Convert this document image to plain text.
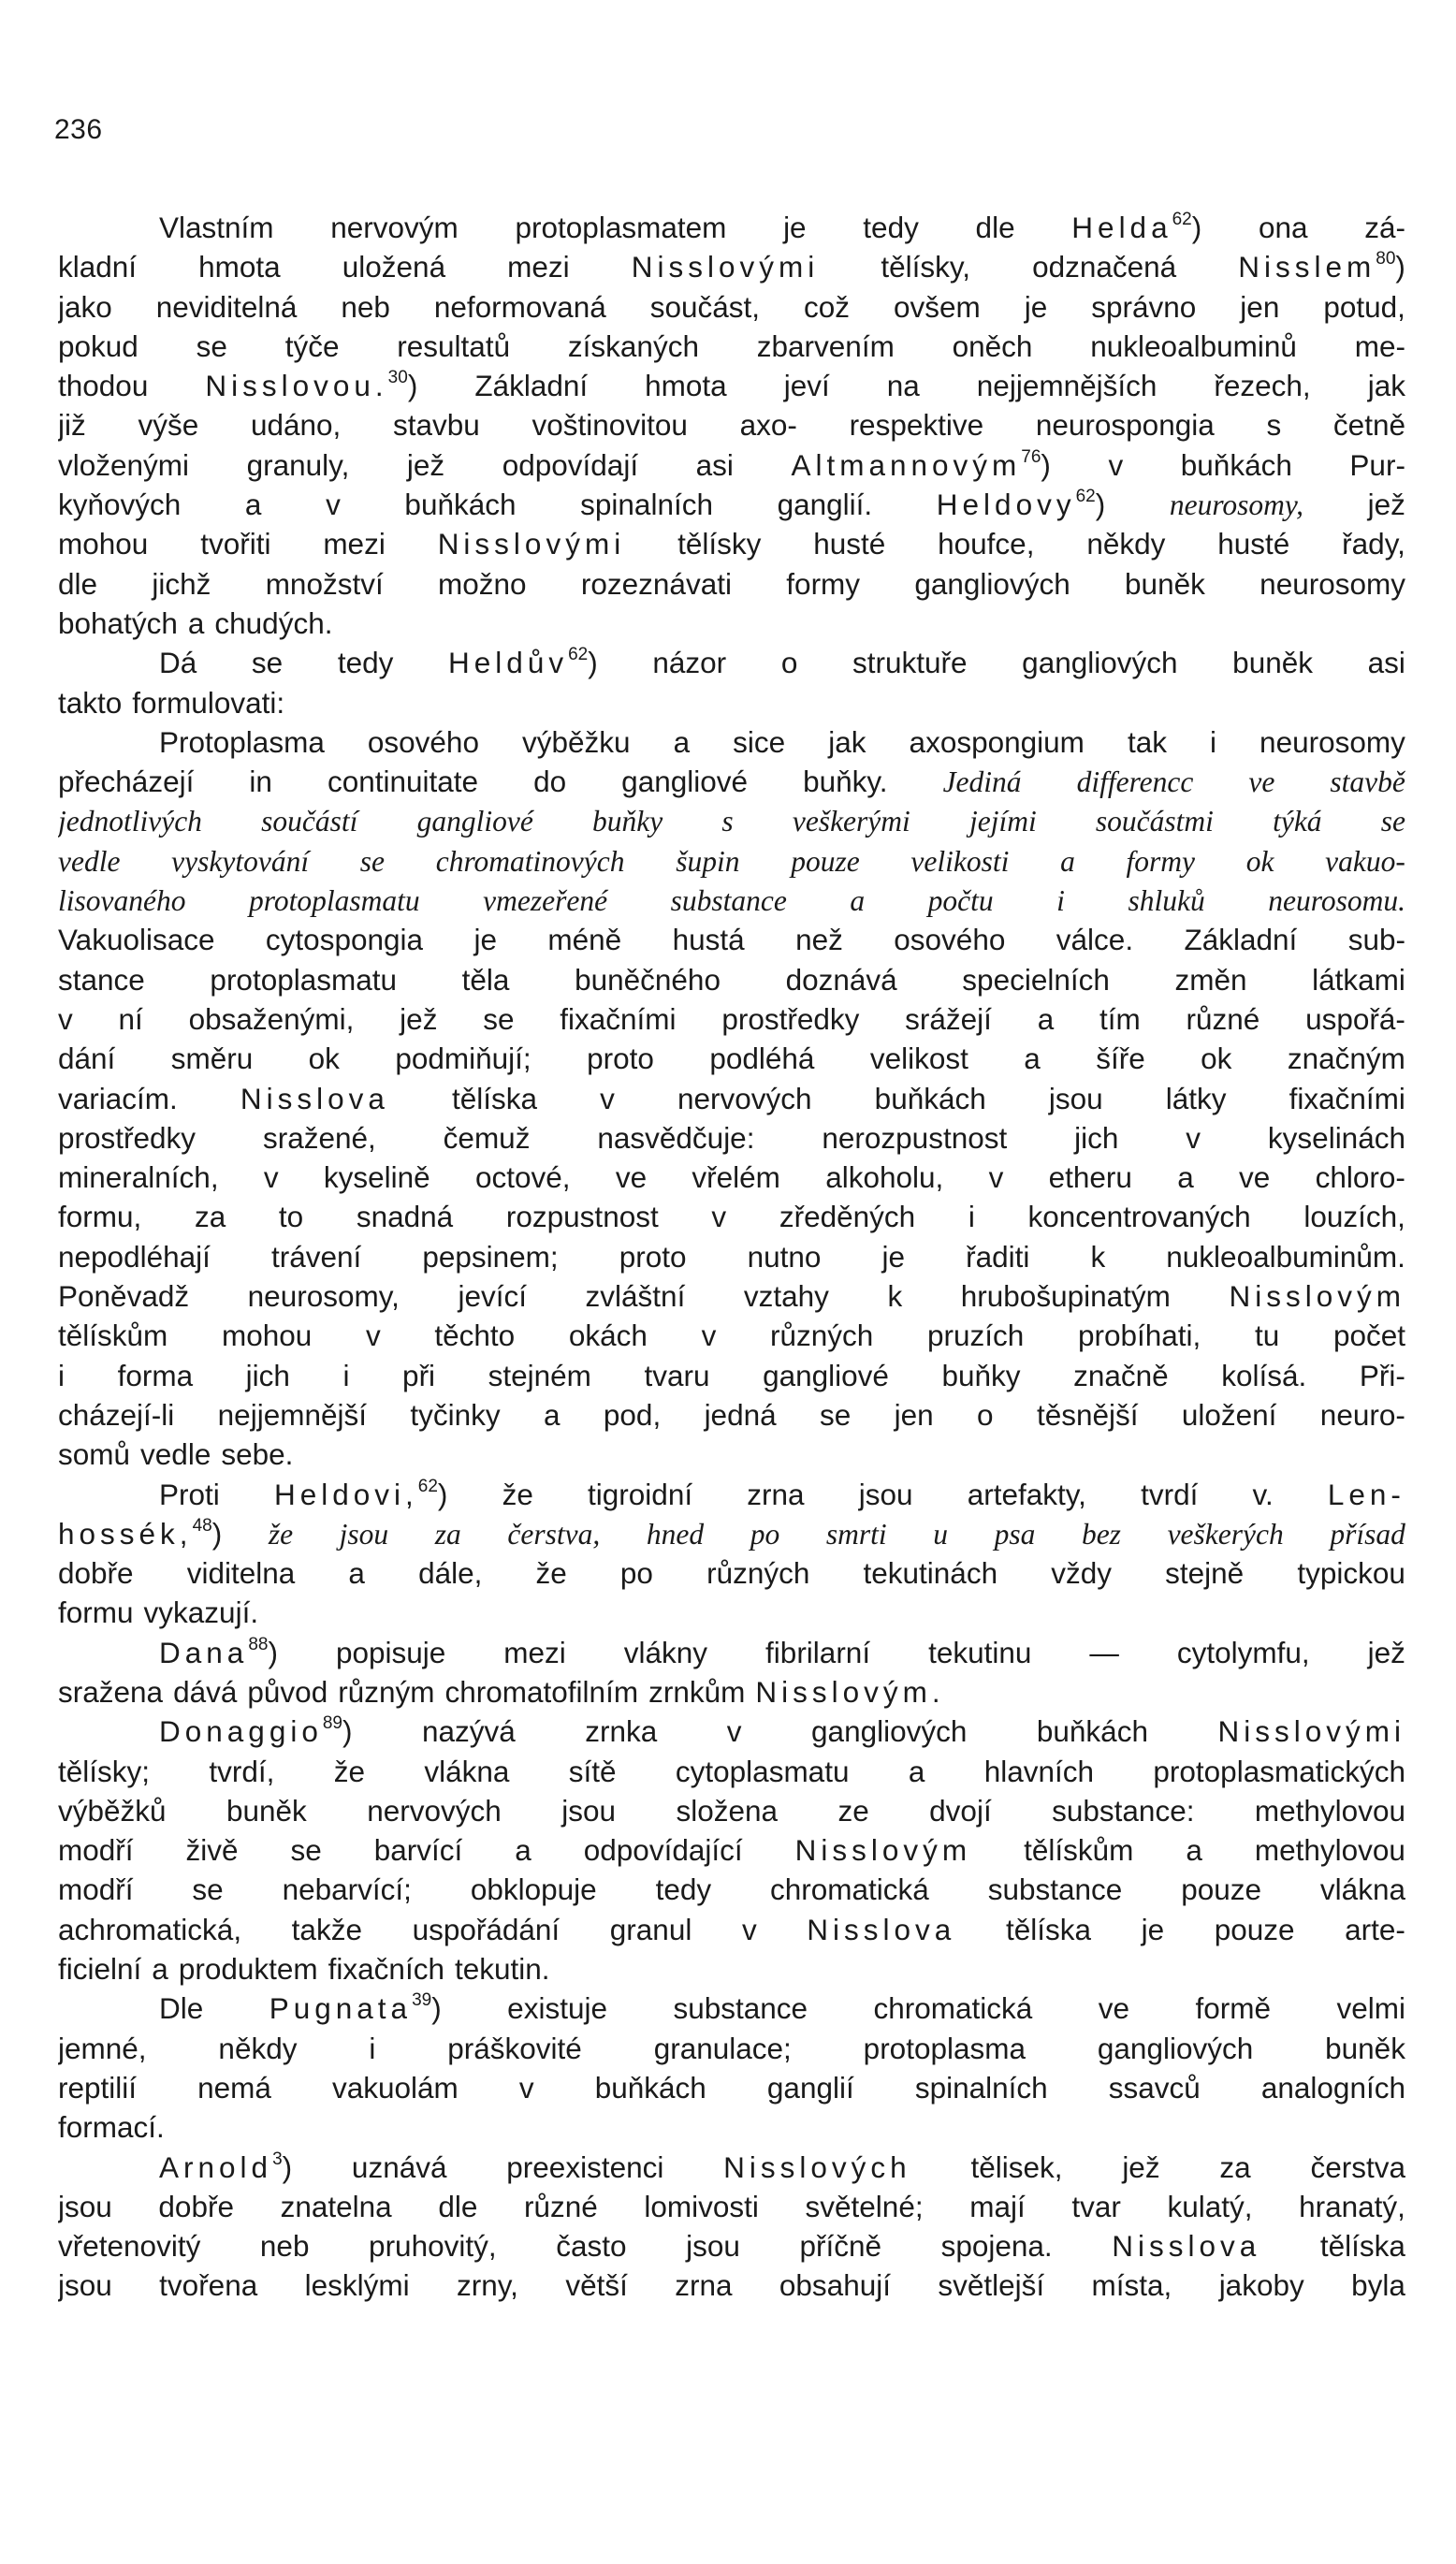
236
Vlastním nervovým protoplasmatem je tedy dle Helda$^{62}$) ona zá-
kladní hmota uložená mezi Nisslovými tělísky, odznačená Nisslem$^{80}$)
jako neviditelná neb neformovaná součást, což ovšem je správno jen potud,
pokud se týče resultatů získaných zbarvením oněch nukleoalbuminů me-
thodou Nisslovou.$^{30}$) Základní hmota jeví na nejjemnějších řezech, jak
již výše udáno, stavbu voštinovitou axo- respektive neurospongia s četně
vloženými granuly, jež odpovídají asi Altmannovým$^{76}$) v buňkách Pur-
kyňových a v buňkách spinalních ganglií. Heldovy$^{62}$) neurosomy, jež
mohou tvořiti mezi Nisslovými tělísky husté houfce, někdy husté řady,
dle jichž množství možno rozeznávati formy gangliových buněk neurosomy
bohatých a chudých.
Dá se tedy Heldův$^{62}$) názor o struktuře gangliových buněk asi
takto formulovati:
Protoplasma osového výběžku a sice jak axospongium tak i neurosomy
přecházejí in continuitate do gangliové buňky. Jediná differencc ve stavbě
jednotlivých součástí gangliové buňky s veškerými jejími součástmi týká se
vedle vyskytování se chromatinových šupin pouze velikosti a formy ok vakuo-
lisovaného protoplasmatu vmezeřené substance a počtu i shluků neurosomu.
Vakuolisace cytospongia je méně hustá než osového válce. Základní sub-
stance protoplasmatu těla buněčného doznává specielních změn látkami
v ní obsaženými, jež se fixačními prostředky srážejí a tím různé uspořá-
dání směru ok podmiňují; proto podléhá velikost a šíře ok značným
variacím. Nisslova tělíska v nervových buňkách jsou látky fixačními
prostředky sražené, čemuž nasvědčuje: nerozpustnost jich v kyselinách
mineralních, v kyselině octové, ve vřelém alkoholu, v etheru a ve chloro-
formu, za to snadná rozpustnost v zředěných i koncentrovaných louzích,
nepodléhají trávení pepsinem; proto nutno je řaditi k nukleoalbuminům.
Poněvadž neurosomy, jevící zvláštní vztahy k hrubošupinatým Nisslovým
tělískům mohou v těchto okách v různých pruzích probíhati, tu počet
i forma jich i při stejném tvaru gangliové buňky značně kolísá. Při-
cházejí-li nejjemnější tyčinky a pod, jedná se jen o těsnější uložení neuro-
somů vedle sebe.
Proti Heldovi,$^{62}$) že tigroidní zrna jsou artefakty, tvrdí v. Len-
hossék,$^{48}$) že jsou za čerstva, hned po smrti u psa bez veškerých přísad
dobře viditelna a dále, že po různých tekutinách vždy stejně typickou
formu vykazují.
Dana$^{88}$) popisuje mezi vlákny fibrilarní tekutinu — cytolymfu, jež
sražena dává původ různým chromatofilním zrnkům Nisslovým.
Donaggio$^{89}$) nazývá zrnka v gangliových buňkách Nisslovými
tělísky; tvrdí, že vlákna sítě cytoplasmatu a hlavních protoplasmatických
výběžků buněk nervových jsou složena ze dvojí substance: methylovou
modří živě se barvící a odpovídající Nisslovým tělískům a methylovou
modří se nebarvící; obklopuje tedy chromatická substance pouze vlákna
achromatická, takže uspořádání granul v Nisslova tělíska je pouze arte-
ficielní a produktem fixačních tekutin.
Dle Pugnata$^{39}$) existuje substance chromatická ve formě velmi
jemné, někdy i práškovité granulace; protoplasma gangliových buněk
reptilií nemá vakuolám v buňkách ganglií spinalních ssavců analogních
formací.
Arnold$^3$) uznává preexistenci Nisslových tělisek, jež za čerstva
jsou dobře znatelna dle různé lomivosti světelné; mají tvar kulatý, hranatý,
vřetenovitý neb pruhovitý, často jsou příčně spojena. Nisslova tělíska
jsou tvořena lesklými zrny, větší zrna obsahují světlejší místa, jakoby byla
